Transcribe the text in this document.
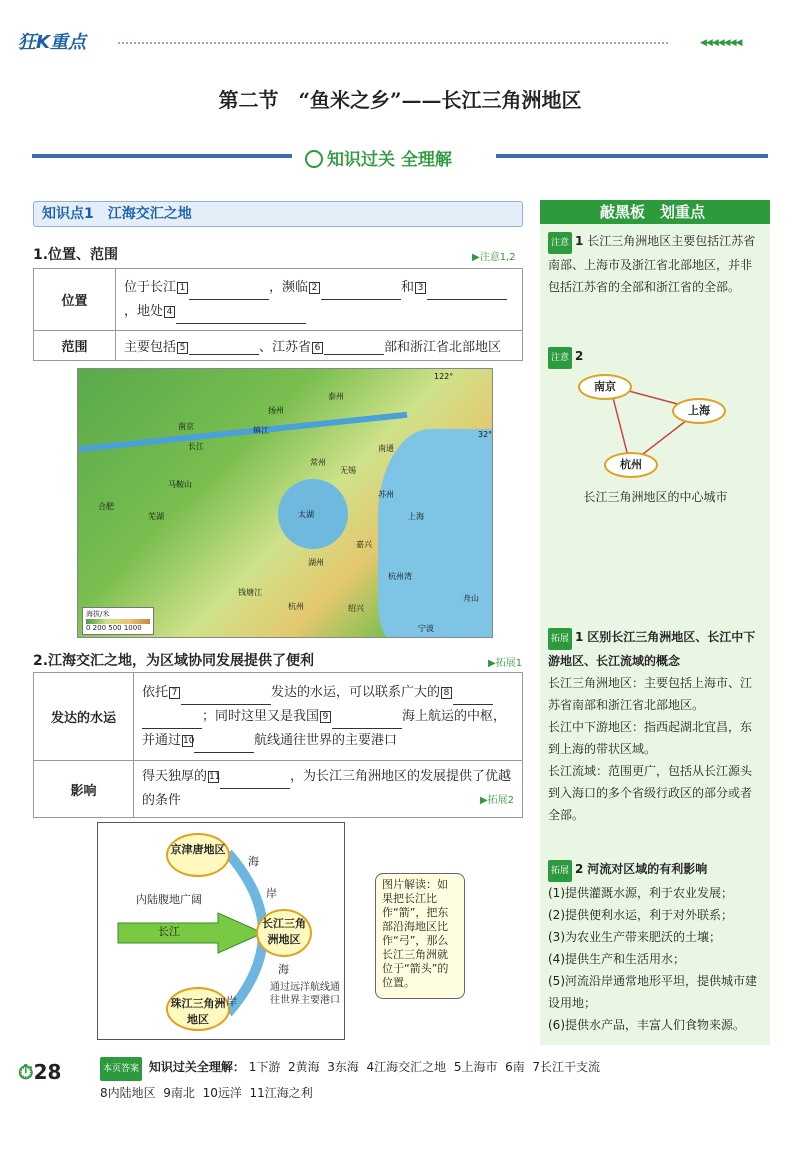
狂K重点	◀◀◀◀◀◀◀
第二节　“鱼米之乡”——长江三角洲地区
知识过关 全理解
知识点1　江海交汇之地
1.位置、范围	▶注意1,2
位置	位于长江 1 ，濒临 2 和 3，地处 4
范围	主要包括 5 、江苏省 6 部和浙江省北部地区
海拔/米
0 200 500 1000
南京
上海
杭州
太湖
苏州
无锡
常州
扬州
镇江
南通
宁波
嘉兴
湖州
绍兴
泰州
合肥
芜湖
马鞍山
长江
钱塘江
杭州湾
舟山
122°
32°
2.江海交汇之地，为区域协同发展提供了便利	▶拓展1
发达的水运	依托 7 发达的水运，可以联系广大的 8；同时这里又是我国 9 海上航运的中枢，并通过 10 航线通往世界的主要港口
影响	得天独厚的 11 ，为长江三角洲地区的发展提供了优越的条件 ▶拓展2
京津唐地区
内陆腹地广阔
长江
长江三角洲地区
珠江三角洲地区
海
岸
海
岸
通过远洋航线通往世界主要港口
图片解读：如果把长江比作“箭”，把东部沿海地区比作“弓”，那么长江三角洲就位于“箭头”的位置。
敲黑板　划重点
注意 1 长江三角洲地区主要包括江苏省南部、上海市及浙江省北部地区，并非包括江苏省的全部和浙江省的全部。
注意 2
南京
上海
杭州
长江三角洲地区的中心城市
拓展 1 区别长江三角洲地区、长江中下游地区、长江流域的概念
长江三角洲地区：主要包括上海市、江苏省南部和浙江省北部地区。
长江中下游地区：指西起湖北宜昌，东到上海的带状区域。
长江流域：范围更广，包括从长江源头到入海口的多个省级行政区的部分或者全部。
拓展 2 河流对区域的有利影响
(1)提供灌溉水源，利于农业发展；
(2)提供便利水运，利于对外联系；
(3)为农业生产带来肥沃的土壤；
(4)提供生产和生活用水；
(5)河流沿岸通常地形平坦，提供城市建设用地；
(6)提供水产品，丰富人们食物来源。
⏱28	本页答案 知识过关全理解： 1下游 2黄海 3东海 4江海交汇之地 5上海市 6南 7长江干支流
8内陆地区 9南北 10远洋 11江海之利
